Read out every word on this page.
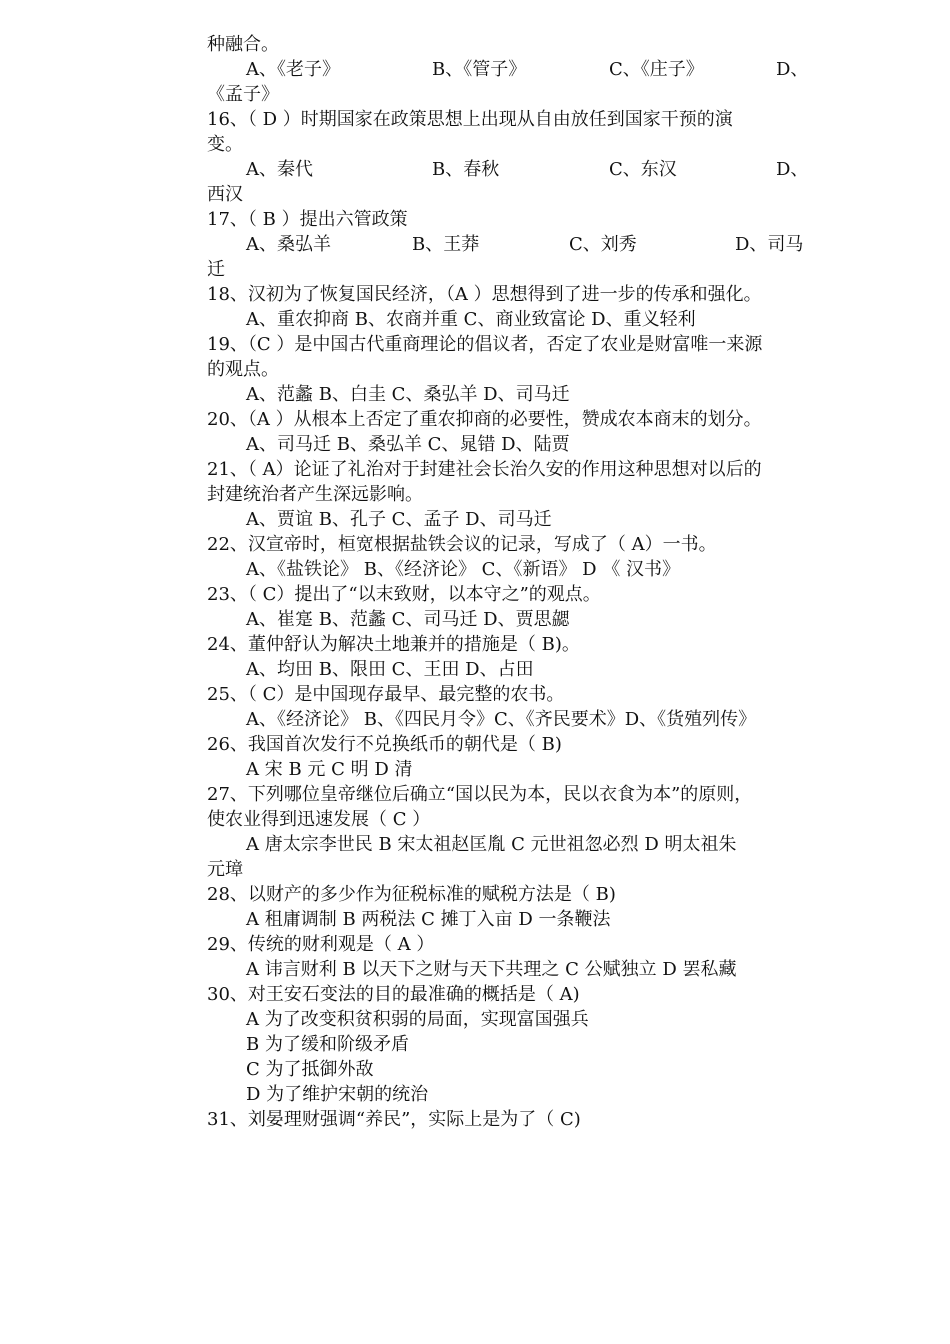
种融合。
A、《老子》	B、《管子》	C、《庄子》	D、
《孟子》
16、（ D ）时期国家在政策思想上出现从自由放任到国家干预的演
变。
A、秦代	B、春秋	C、东汉	D、
西汉
17、（ B ）提出六管政策
A、桑弘羊	B、王莽	C、刘秀	D、司马
迁
18、汉初为了恢复国民经济，（A ）思想得到了进一步的传承和强化。
A、重农抑商 B、农商并重 C、商业致富论 D、重义轻利
19、（C ）是中国古代重商理论的倡议者，否定了农业是财富唯一来源
的观点。
A、范蠡 B、白圭 C、桑弘羊 D、司马迁
20、（A ）从根本上否定了重农抑商的必要性，赞成农本商末的划分。
A、司马迁 B、桑弘羊 C、晁错 D、陆贾
21、（ A）论证了礼治对于封建社会长治久安的作用这种思想对以后的
封建统治者产生深远影响。
A、贾谊 B、孔子 C、孟子 D、司马迁
22、汉宣帝时，桓宽根据盐铁会议的记录，写成了（ A）一书。
A、《盐铁论》 B、《经济论》 C、《新语》 D 《 汉书》
23、（ C）提出了“以末致财，以本守之”的观点。
A、崔寔 B、范蠡 C、司马迁 D、贾思勰
24、董仲舒认为解决土地兼并的措施是（ B)。
A、均田 B、限田 C、王田 D、占田
25、（ C）是中国现存最早、最完整的农书。
A、《经济论》 B、《四民月令》C、《齐民要术》D、《货殖列传》
26、我国首次发行不兑换纸币的朝代是（ B)
A 宋 B 元 C 明 D 清
27、下列哪位皇帝继位后确立“国以民为本，民以衣食为本”的原则，
使农业得到迅速发展（ C ）
A 唐太宗李世民 B 宋太祖赵匡胤 C 元世祖忽必烈 D 明太祖朱
元璋
28、以财产的多少作为征税标准的赋税方法是（ B)
A 租庸调制 B 两税法 C 摊丁入亩 D 一条鞭法
29、传统的财利观是（ A ）
A 讳言财利 B 以天下之财与天下共理之 C 公赋独立 D 罢私藏
30、对王安石变法的目的最准确的概括是（ A)
A 为了改变积贫积弱的局面，实现富国强兵
B 为了缓和阶级矛盾
C 为了抵御外敌
D 为了维护宋朝的统治
31、刘晏理财强调“养民”，实际上是为了（ C)
